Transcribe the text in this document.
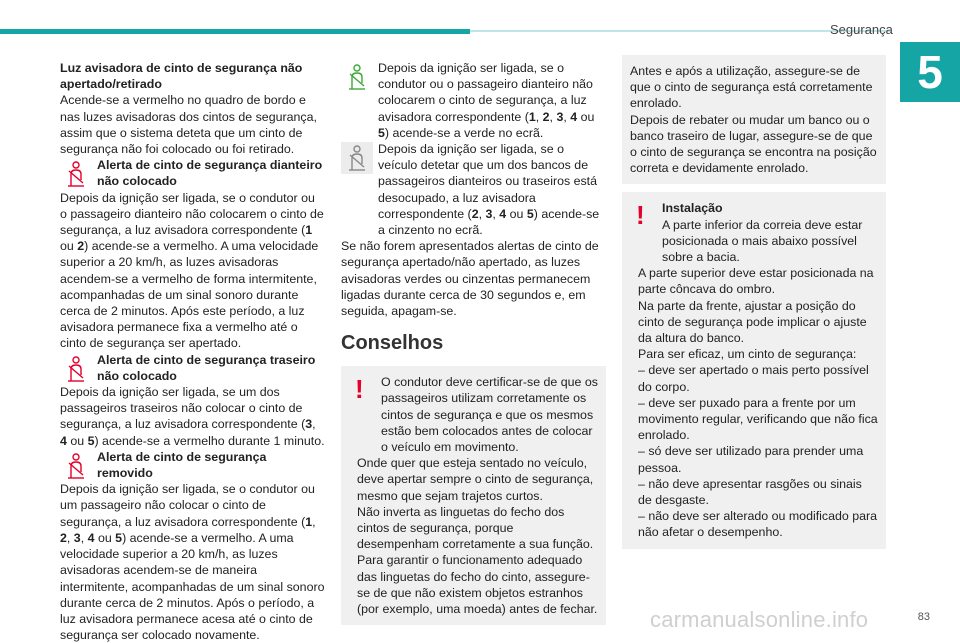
Segurança
5

Luz avisadora de cinto de segurança não apertado/retirado

Acende-se a vermelho no quadro de bordo e nas luzes avisadoras dos cintos de segurança, assim que o sistema deteta que um cinto de segurança não foi colocado ou foi retirado.

Alerta de cinto de segurança dianteiro não colocado

Depois da ignição ser ligada, se o condutor ou o passageiro dianteiro não colocarem o cinto de segurança, a luz avisadora correspondente (1 ou 2) acende-se a vermelho. A uma velocidade superior a 20 km/h, as luzes avisadoras acendem-se a vermelho de forma intermitente, acompanhadas de um sinal sonoro durante cerca de 2 minutos. Após este período, a luz avisadora permanece fixa a vermelho até o cinto de segurança ser apertado.

Alerta de cinto de segurança traseiro não colocado

Depois da ignição ser ligada, se um dos passageiros traseiros não colocar o cinto de segurança, a luz avisadora correspondente (3, 4 ou 5) acende-se a vermelho durante 1 minuto.

Alerta de cinto de segurança removido

Depois da ignição ser ligada, se o condutor ou um passageiro não colocar o cinto de segurança, a luz avisadora correspondente (1, 2, 3, 4 ou 5) acende-se a vermelho. A uma velocidade superior a 20 km/h, as luzes avisadoras acendem-se de maneira intermitente, acompanhadas de um sinal sonoro durante cerca de 2 minutos. Após o período, a luz avisadora permanece acesa até o cinto de segurança ser colocado novamente.

Depois da ignição ser ligada, se o condutor ou o passageiro dianteiro não colocarem o cinto de segurança, a luz avisadora correspondente (1, 2, 3, 4 ou 5) acende-se a verde no ecrã.

Depois da ignição ser ligada, se o veículo detetar que um dos bancos de passageiros dianteiros ou traseiros está desocupado, a luz avisadora correspondente (2, 3, 4 ou 5) acende-se a cinzento no ecrã.

Se não forem apresentados alertas de cinto de segurança apertado/não apertado, as luzes avisadoras verdes ou cinzentas permanecem ligadas durante cerca de 30 segundos e, em seguida, apagam-se.

Conselhos
! O condutor deve certificar-se de que os passageiros utilizam corretamente os cintos de segurança e que os mesmos estão bem colocados antes de colocar o veículo em movimento.

Onde quer que esteja sentado no veículo, deve apertar sempre o cinto de segurança, mesmo que sejam trajetos curtos.

Não inverta as linguetas do fecho dos cintos de segurança, porque desempenham corretamente a sua função.

Para garantir o funcionamento adequado das linguetas do fecho do cinto, assegure-se de que não existem objetos estranhos (por exemplo, uma moeda) antes de fechar.

Antes e após a utilização, assegure-se de que o cinto de segurança está corretamente enrolado.

Depois de rebater ou mudar um banco ou o banco traseiro de lugar, assegure-se de que o cinto de segurança se encontra na posição correta e devidamente enrolado.

! Instalação

A parte inferior da correia deve estar posicionada o mais abaixo possível sobre a bacia.

A parte superior deve estar posicionada na parte côncava do ombro.

Na parte da frente, ajustar a posição do cinto de segurança pode implicar o ajuste da altura do banco.

Para ser eficaz, um cinto de segurança:

– deve ser apertado o mais perto possível do corpo.

– deve ser puxado para a frente por um movimento regular, verificando que não fica enrolado.

– só deve ser utilizado para prender uma pessoa.

– não deve apresentar rasgões ou sinais de desgaste.

– não deve ser alterado ou modificado para não afetar o desempenho.

carmanualsonline.info	83
